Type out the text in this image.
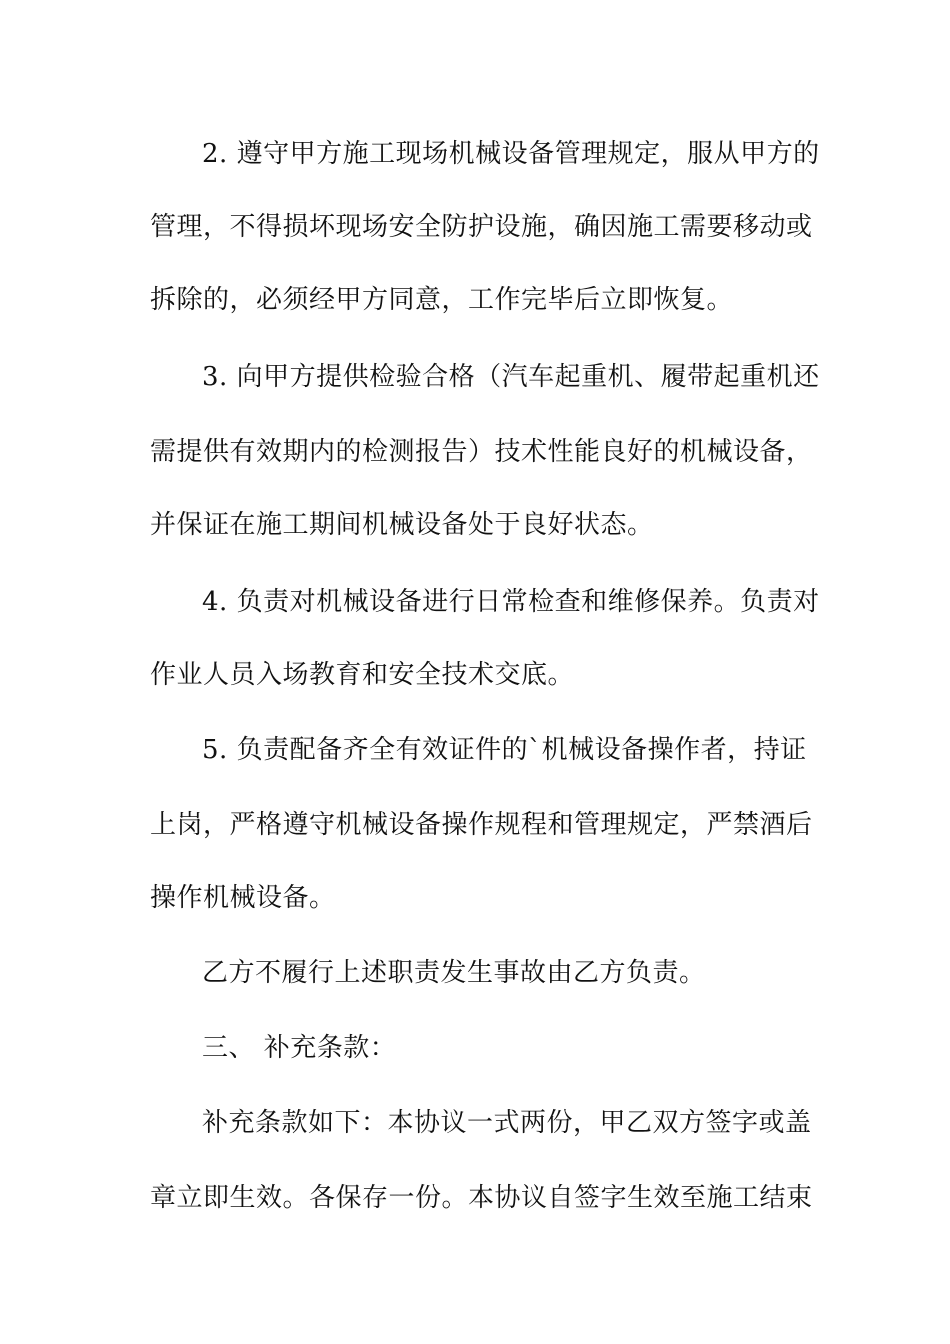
2. 遵守甲方施工现场机械设备管理规定，服从甲方的
管理，不得损坏现场安全防护设施，确因施工需要移动或
拆除的，必须经甲方同意，工作完毕后立即恢复。
3. 向甲方提供检验合格（汽车起重机、履带起重机还
需提供有效期内的检测报告）技术性能良好的机械设备，
并保证在施工期间机械设备处于良好状态。
4. 负责对机械设备进行日常检查和维修保养。负责对
作业人员入场教育和安全技术交底。
5. 负责配备齐全有效证件的`机械设备操作者，持证
上岗，严格遵守机械设备操作规程和管理规定，严禁酒后
操作机械设备。
乙方不履行上述职责发生事故由乙方负责。
三、 补充条款：
补充条款如下：本协议一式两份，甲乙双方签字或盖
章立即生效。各保存一份。本协议自签字生效至施工结束
